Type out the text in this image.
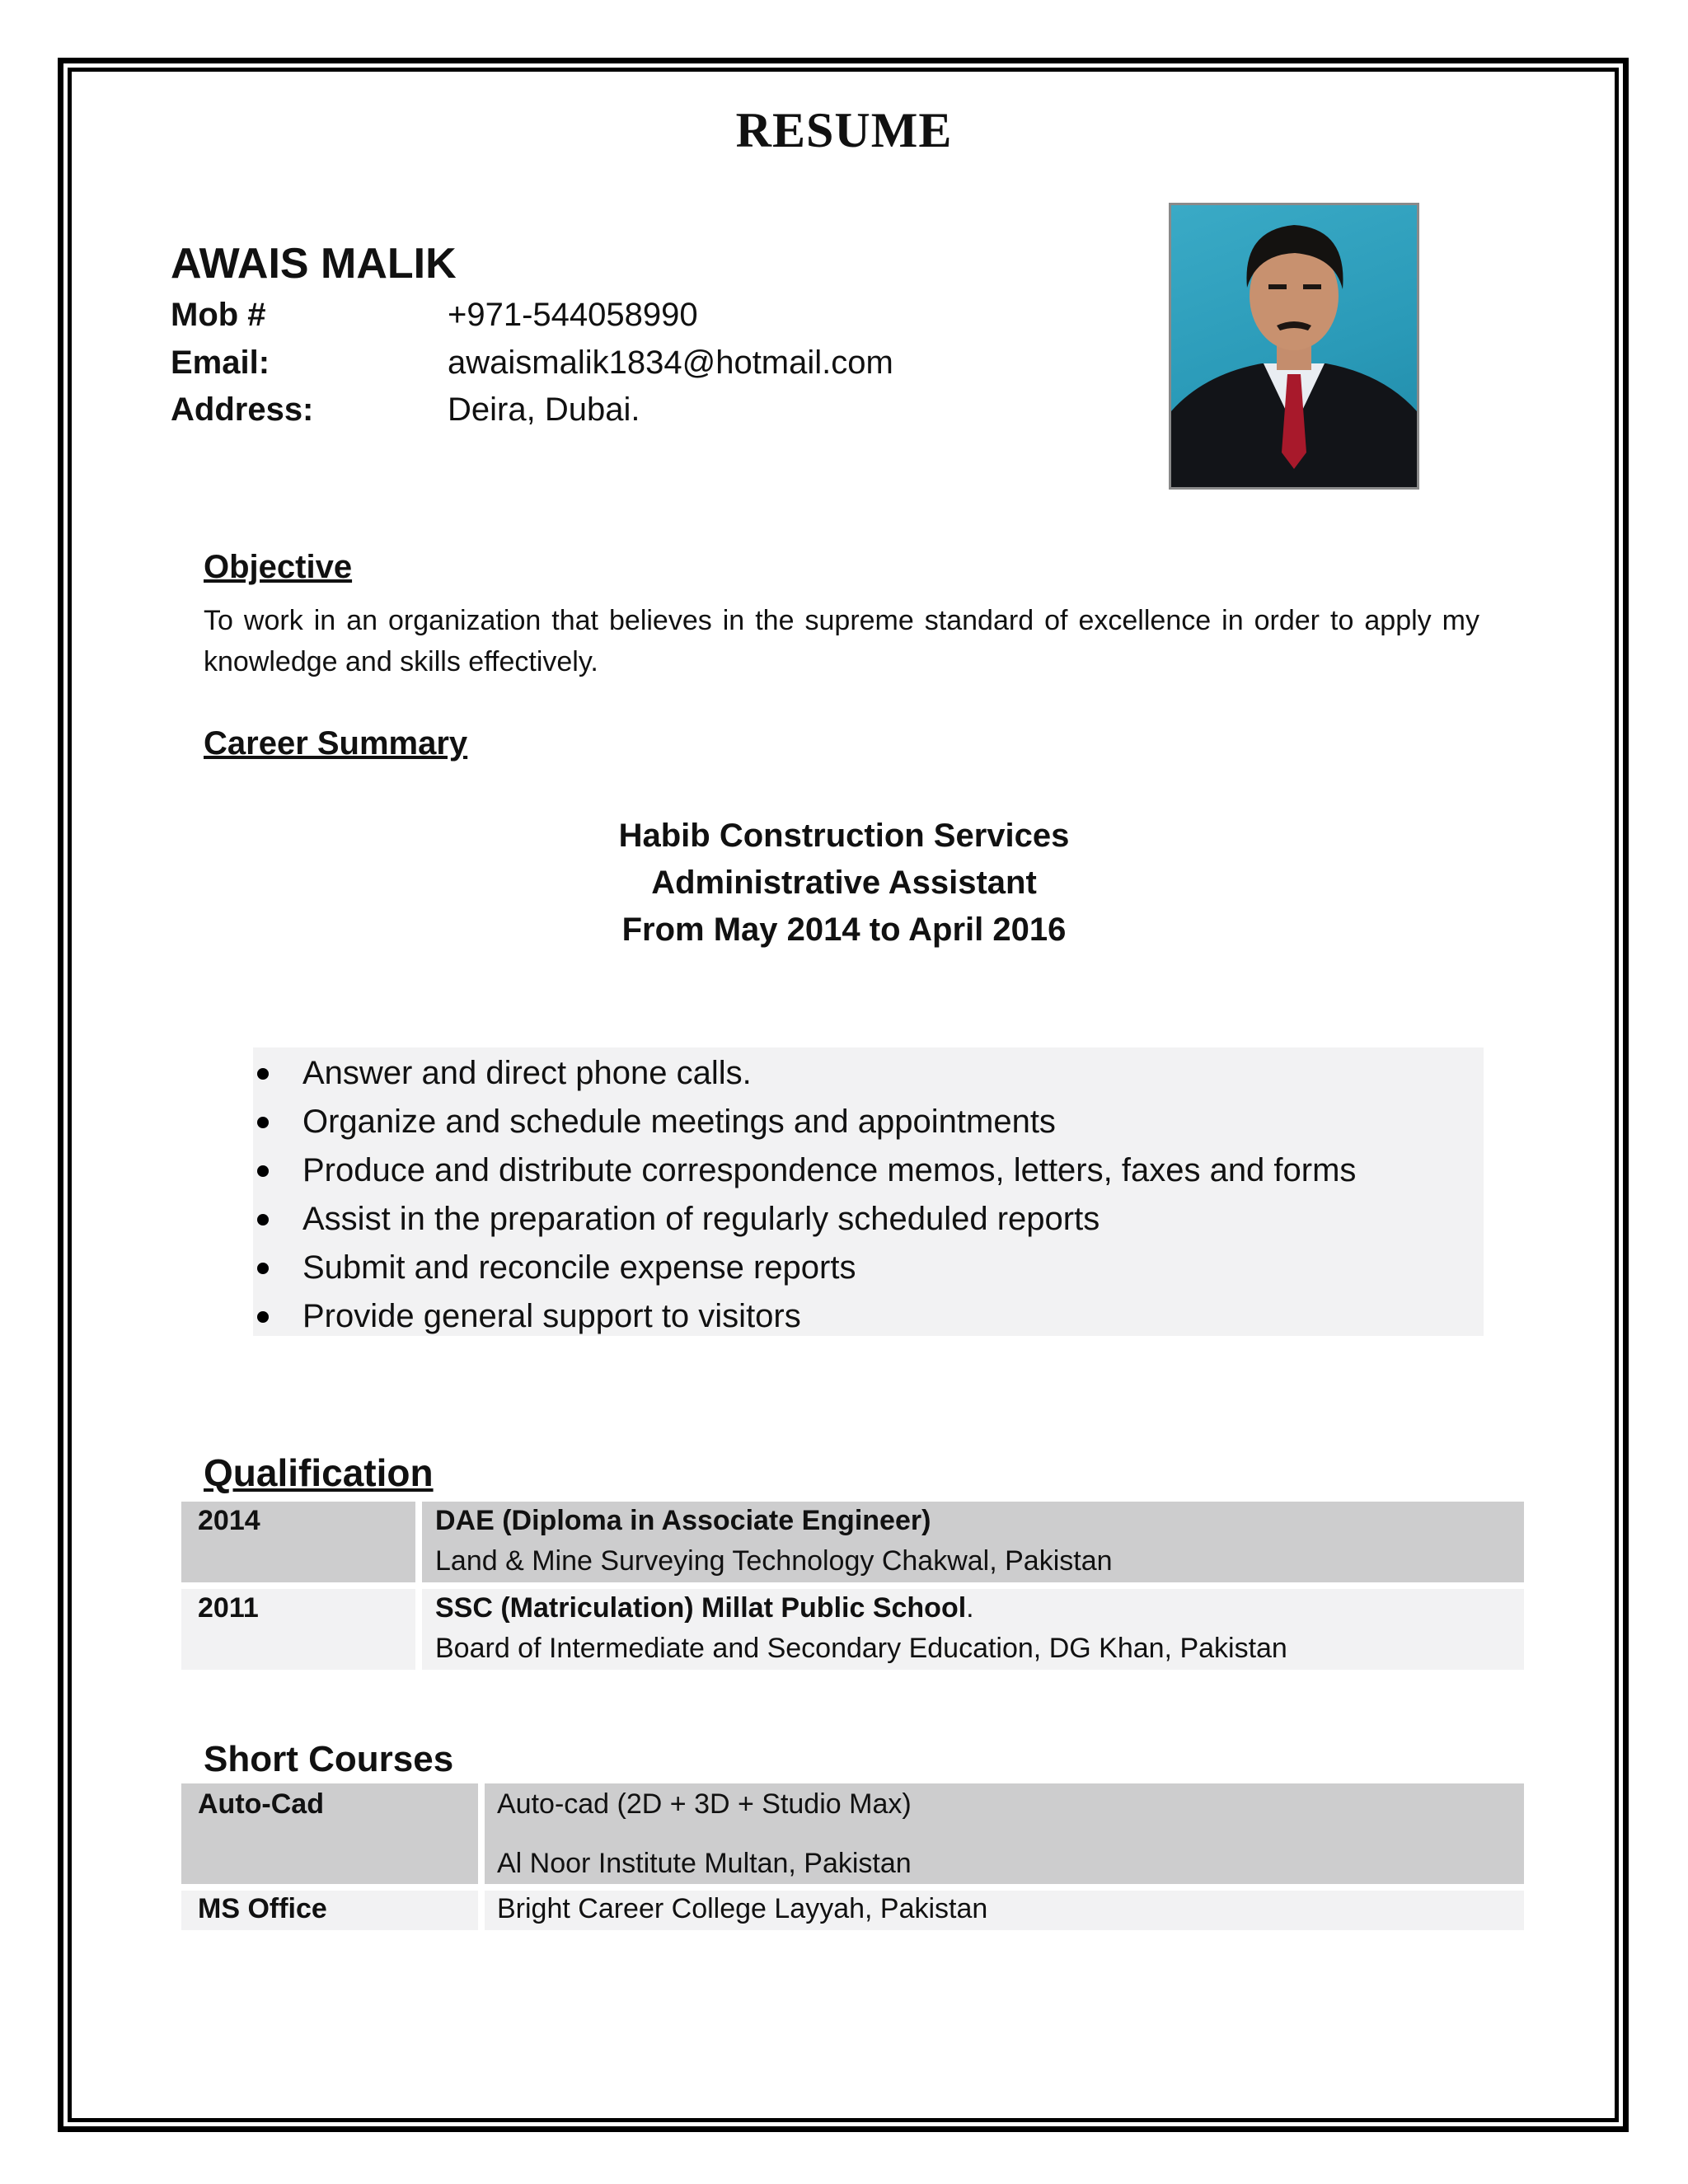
RESUME
AWAIS MALIK
Mob #	+971-544058990
Email:	awaismalik1834@hotmail.com
Address:	Deira, Dubai.
Objective
To work in an organization that believes in the supreme standard of excellence in order to apply my knowledge and skills effectively.
Career Summary
Habib Construction Services
Administrative Assistant
From May 2014 to April 2016
Answer and direct phone calls.
Organize and schedule meetings and appointments
Produce and distribute correspondence memos, letters, faxes and forms
Assist in the preparation of regularly scheduled reports
Submit and reconcile expense reports
Provide general support to visitors
Qualification
2014	DAE (Diploma in Associate Engineer)
Land & Mine Surveying Technology Chakwal, Pakistan
2011	SSC (Matriculation) Millat Public School.
Board of Intermediate and Secondary Education, DG Khan, Pakistan
Short Courses
Auto-Cad	Auto-cad (2D + 3D + Studio Max)
Al Noor Institute Multan, Pakistan
MS Office	Bright Career College Layyah, Pakistan
